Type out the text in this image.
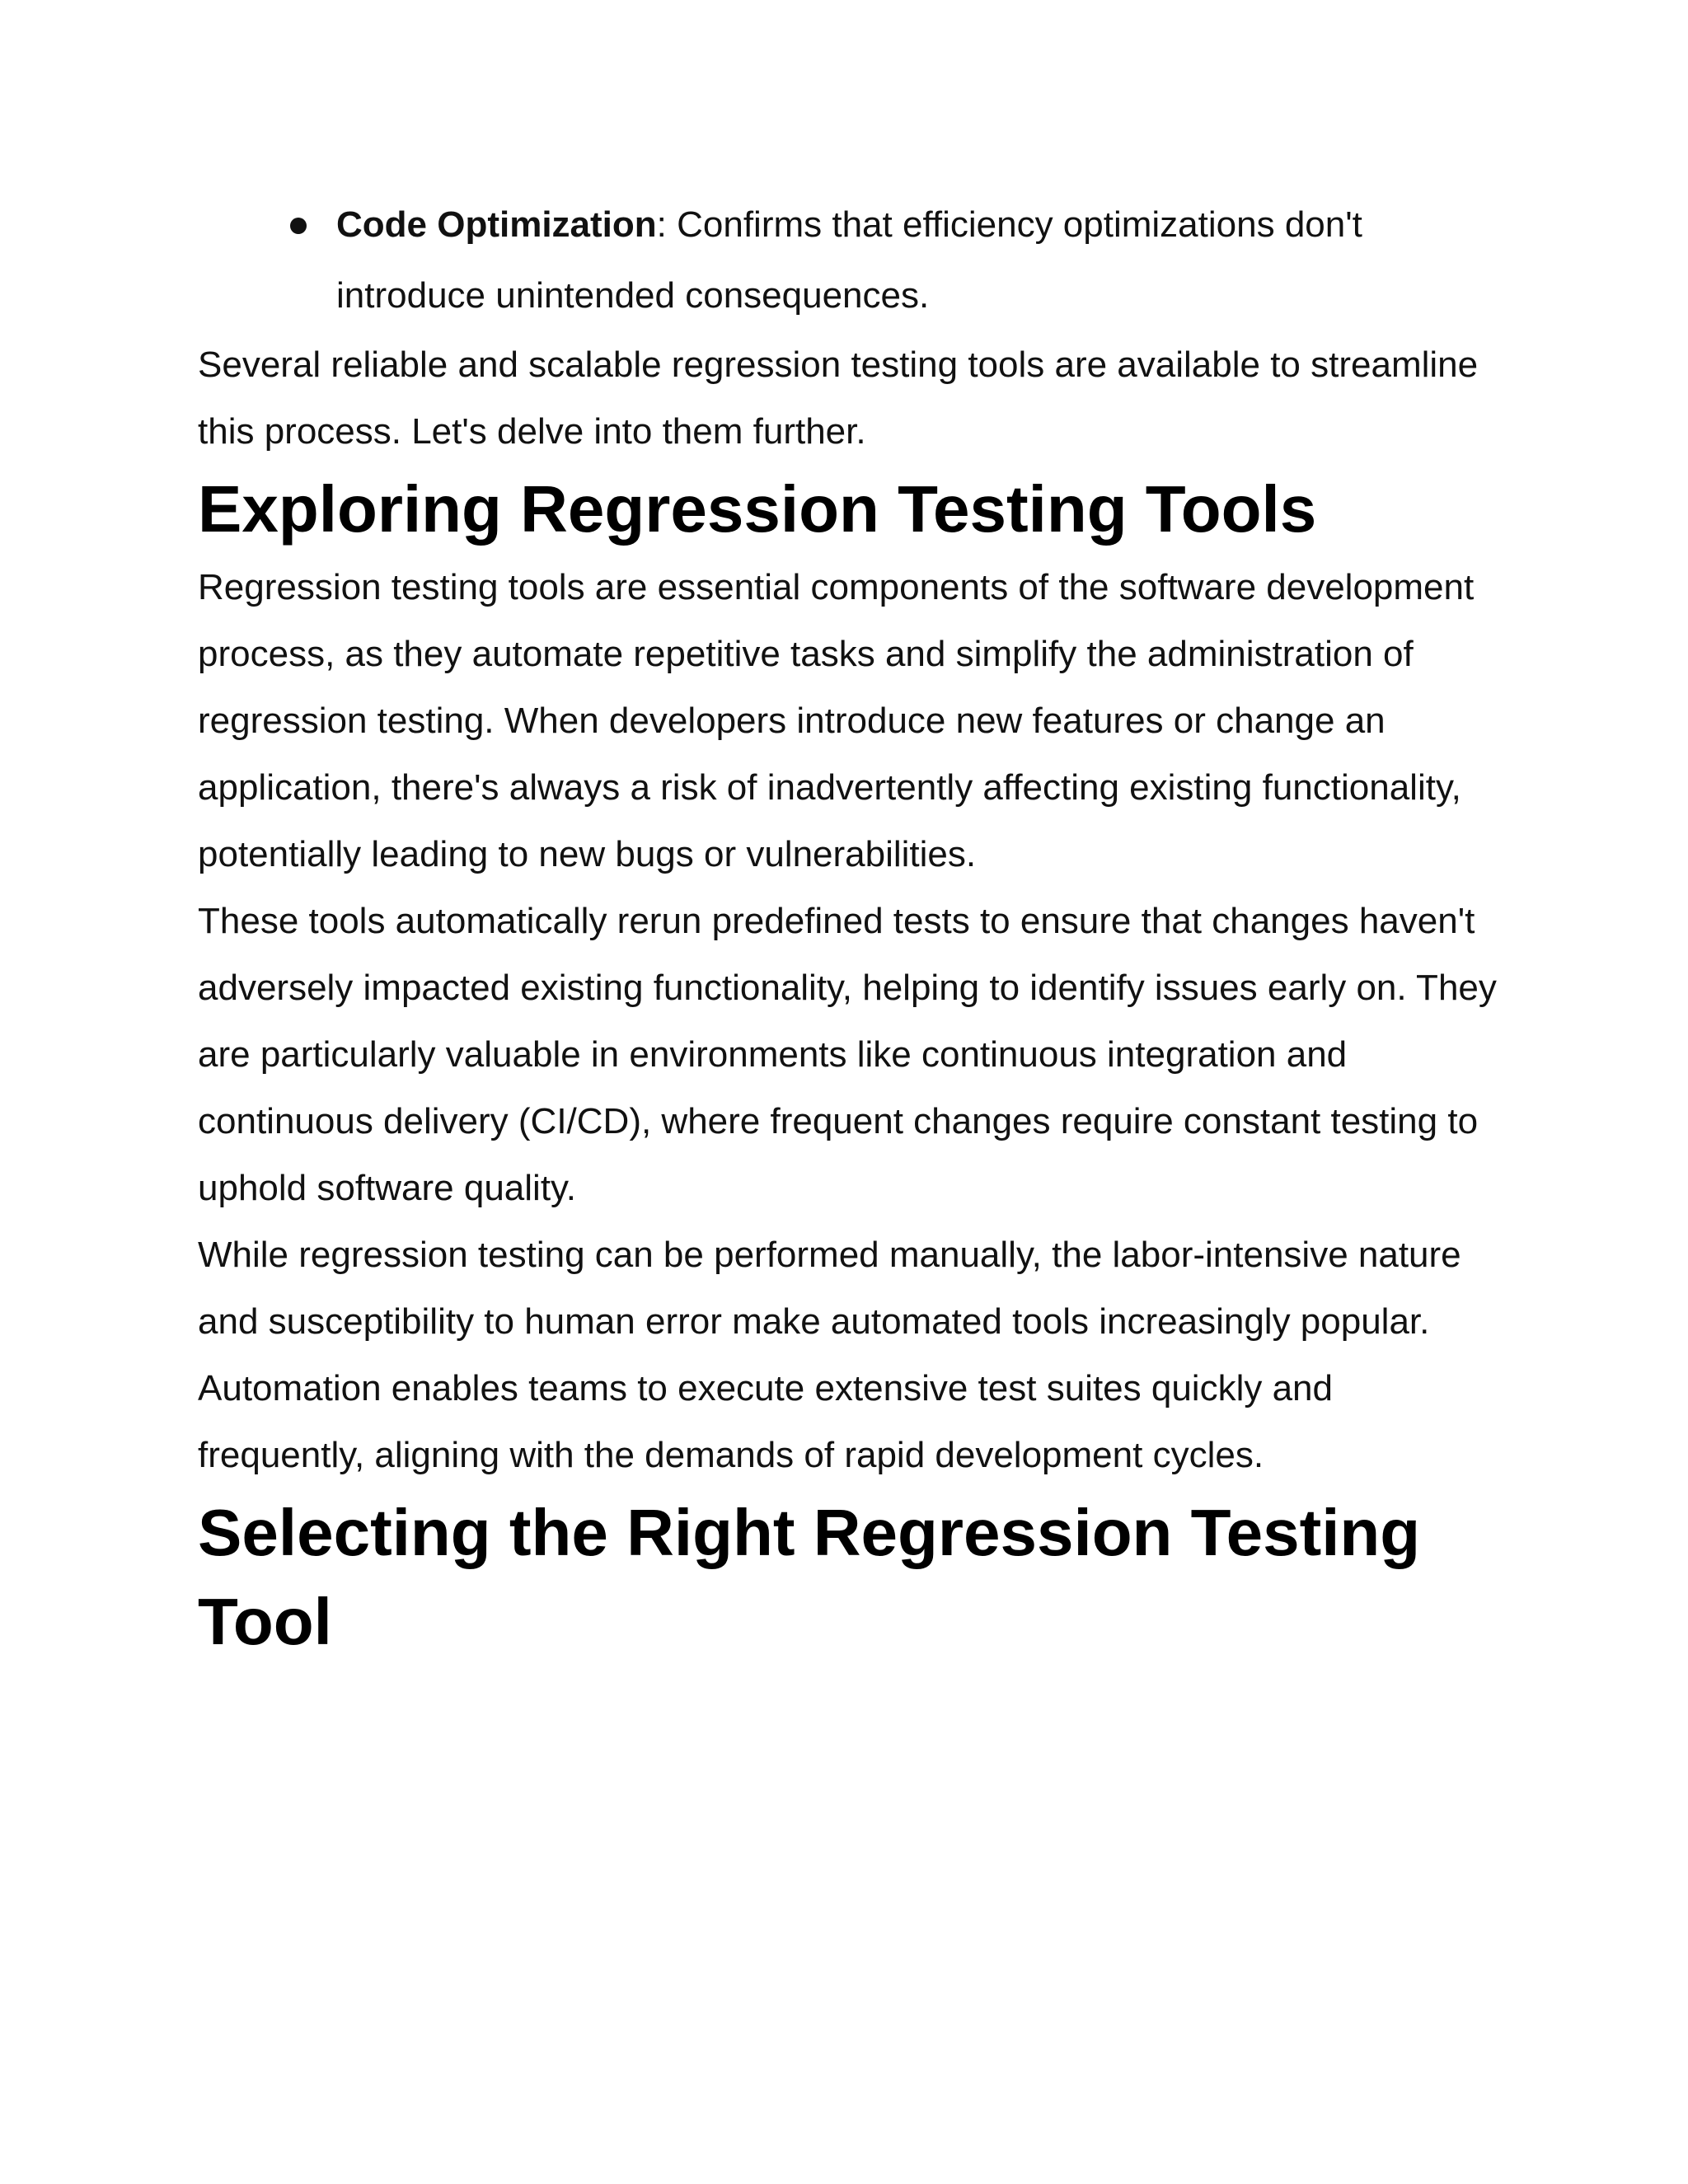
Code Optimization: Confirms that efficiency optimizations don't introduce unintended consequences.

Several reliable and scalable regression testing tools are available to streamline this process. Let's delve into them further.

Exploring Regression Testing Tools

Regression testing tools are essential components of the software development process, as they automate repetitive tasks and simplify the administration of regression testing. When developers introduce new features or change an application, there's always a risk of inadvertently affecting existing functionality, potentially leading to new bugs or vulnerabilities.

These tools automatically rerun predefined tests to ensure that changes haven't adversely impacted existing functionality, helping to identify issues early on. They are particularly valuable in environments like continuous integration and continuous delivery (CI/CD), where frequent changes require constant testing to uphold software quality.

While regression testing can be performed manually, the labor-intensive nature and susceptibility to human error make automated tools increasingly popular. Automation enables teams to execute extensive test suites quickly and frequently, aligning with the demands of rapid development cycles.

Selecting the Right Regression Testing Tool
